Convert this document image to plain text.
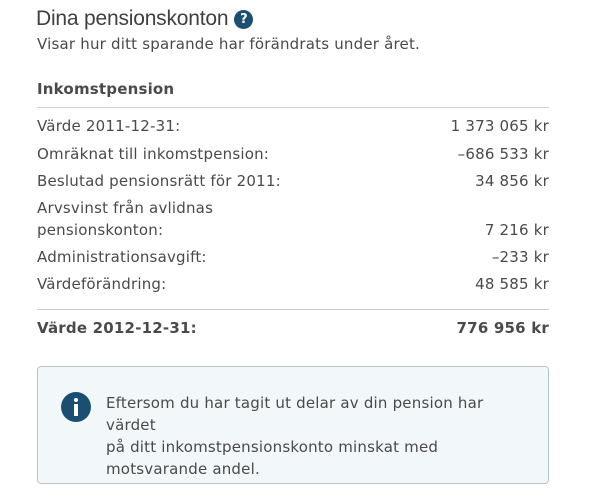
Dina pensionskonton ?
Visar hur ditt sparande har förändrats under året.
Inkomstpension
Värde 2011-12-31:	1 373 065 kr
Omräknat till inkomstpension:	–686 533 kr
Beslutad pensionsrätt för 2011:	34 856 kr
Arvsvinst från avlidnas
pensionskonton:	7 216 kr
Administrationsavgift:	–233 kr
Värdeförändring:	48 585 kr
Värde 2012-12-31:	776 956 kr
Eftersom du har tagit ut delar av din pension har värdet
på ditt inkomstpensionskonto minskat med
motsvarande andel.
